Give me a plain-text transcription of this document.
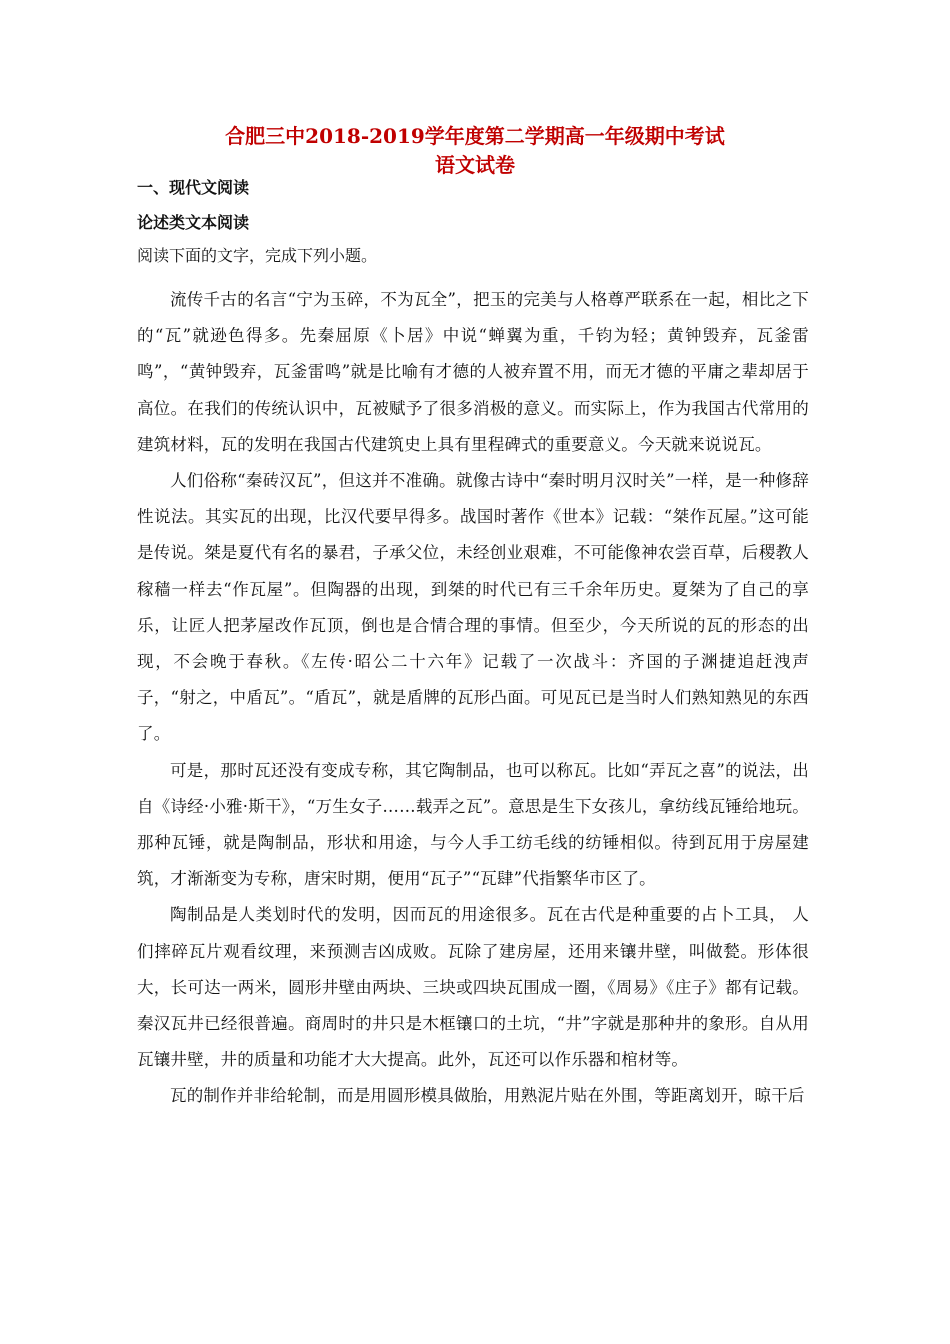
合肥三中2018-2019学年度第二学期高一年级期中考试
语文试卷
一、现代文阅读
论述类文本阅读

阅读下面的文字，完成下列小题。

流传千古的名言“宁为玉碎，不为瓦全”，把玉的完美与人格尊严联系在一起，相比之下的“瓦”就逊色得多。先秦屈原《卜居》中说“蝉翼为重，千钧为轻；黄钟毁弃，瓦釜雷鸣”，“黄钟毁弃，瓦釜雷鸣”就是比喻有才德的人被弃置不用，而无才德的平庸之辈却居于高位。在我们的传统认识中，瓦被赋予了很多消极的意义。而实际上，作为我国古代常用的建筑材料，瓦的发明在我国古代建筑史上具有里程碑式的重要意义。今天就来说说瓦。

人们俗称“秦砖汉瓦”，但这并不准确。就像古诗中“秦时明月汉时关”一样，是一种修辞性说法。其实瓦的出现，比汉代要早得多。战国时著作《世本》记载：“桀作瓦屋。”这可能是传说。桀是夏代有名的暴君，子承父位，未经创业艰难，不可能像神农尝百草，后稷教人稼穑一样去“作瓦屋”。但陶器的出现，到桀的时代已有三千余年历史。夏桀为了自己的享乐，让匠人把茅屋改作瓦顶，倒也是合情合理的事情。但至少，今天所说的瓦的形态的出现，不会晚于春秋。《左传·昭公二十六年》记载了一次战斗：齐国的子渊捷追赶洩声子，“射之，中盾瓦”。“盾瓦”，就是盾牌的瓦形凸面。可见瓦已是当时人们熟知熟见的东西了。

可是，那时瓦还没有变成专称，其它陶制品，也可以称瓦。比如“弄瓦之喜”的说法，出自《诗经·小雅·斯干》，“万生女子……载弄之瓦”。意思是生下女孩儿，拿纺线瓦锤给地玩。那种瓦锤，就是陶制品，形状和用途，与今人手工纺毛线的纺锤相似。待到瓦用于房屋建筑，才渐渐变为专称，唐宋时期，便用“瓦子”“瓦肆”代指繁华市区了。

陶制品是人类划时代的发明，因而瓦的用途很多。瓦在古代是种重要的占卜工具， 人们摔碎瓦片观看纹理，来预测吉凶成败。瓦除了建房屋，还用来镶井壁，叫做甃。形体很大，长可达一两米，圆形井壁由两块、三块或四块瓦围成一圈，《周易》《庄子》都有记载。秦汉瓦井已经很普遍。商周时的井只是木框镶口的土坑，“井”字就是那种井的象形。自从用瓦镶井壁，井的质量和功能才大大提高。此外，瓦还可以作乐器和棺材等。

瓦的制作并非给轮制，而是用圆形模具做胎，用熟泥片贴在外围，等距离划开，晾干后
